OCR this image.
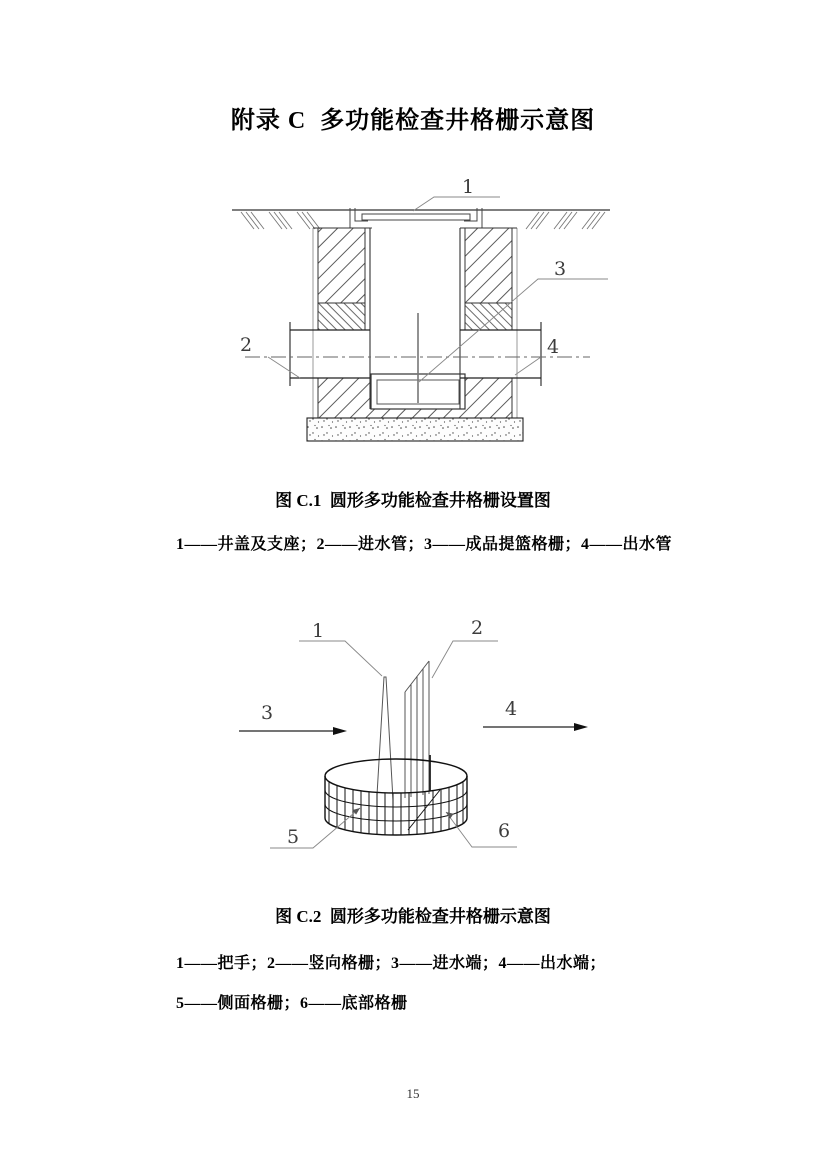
附录 C  多功能检查井格栅示意图
1
2
3
4
图 C.1  圆形多功能检查井格栅设置图
1——井盖及支座；2——进水管；3——成品提篮格栅；4——出水管
1	2
3	4
5	6
图 C.2  圆形多功能检查井格栅示意图
1——把手；2——竖向格栅；3——进水端；4——出水端；
5——侧面格栅；6——底部格栅
15
